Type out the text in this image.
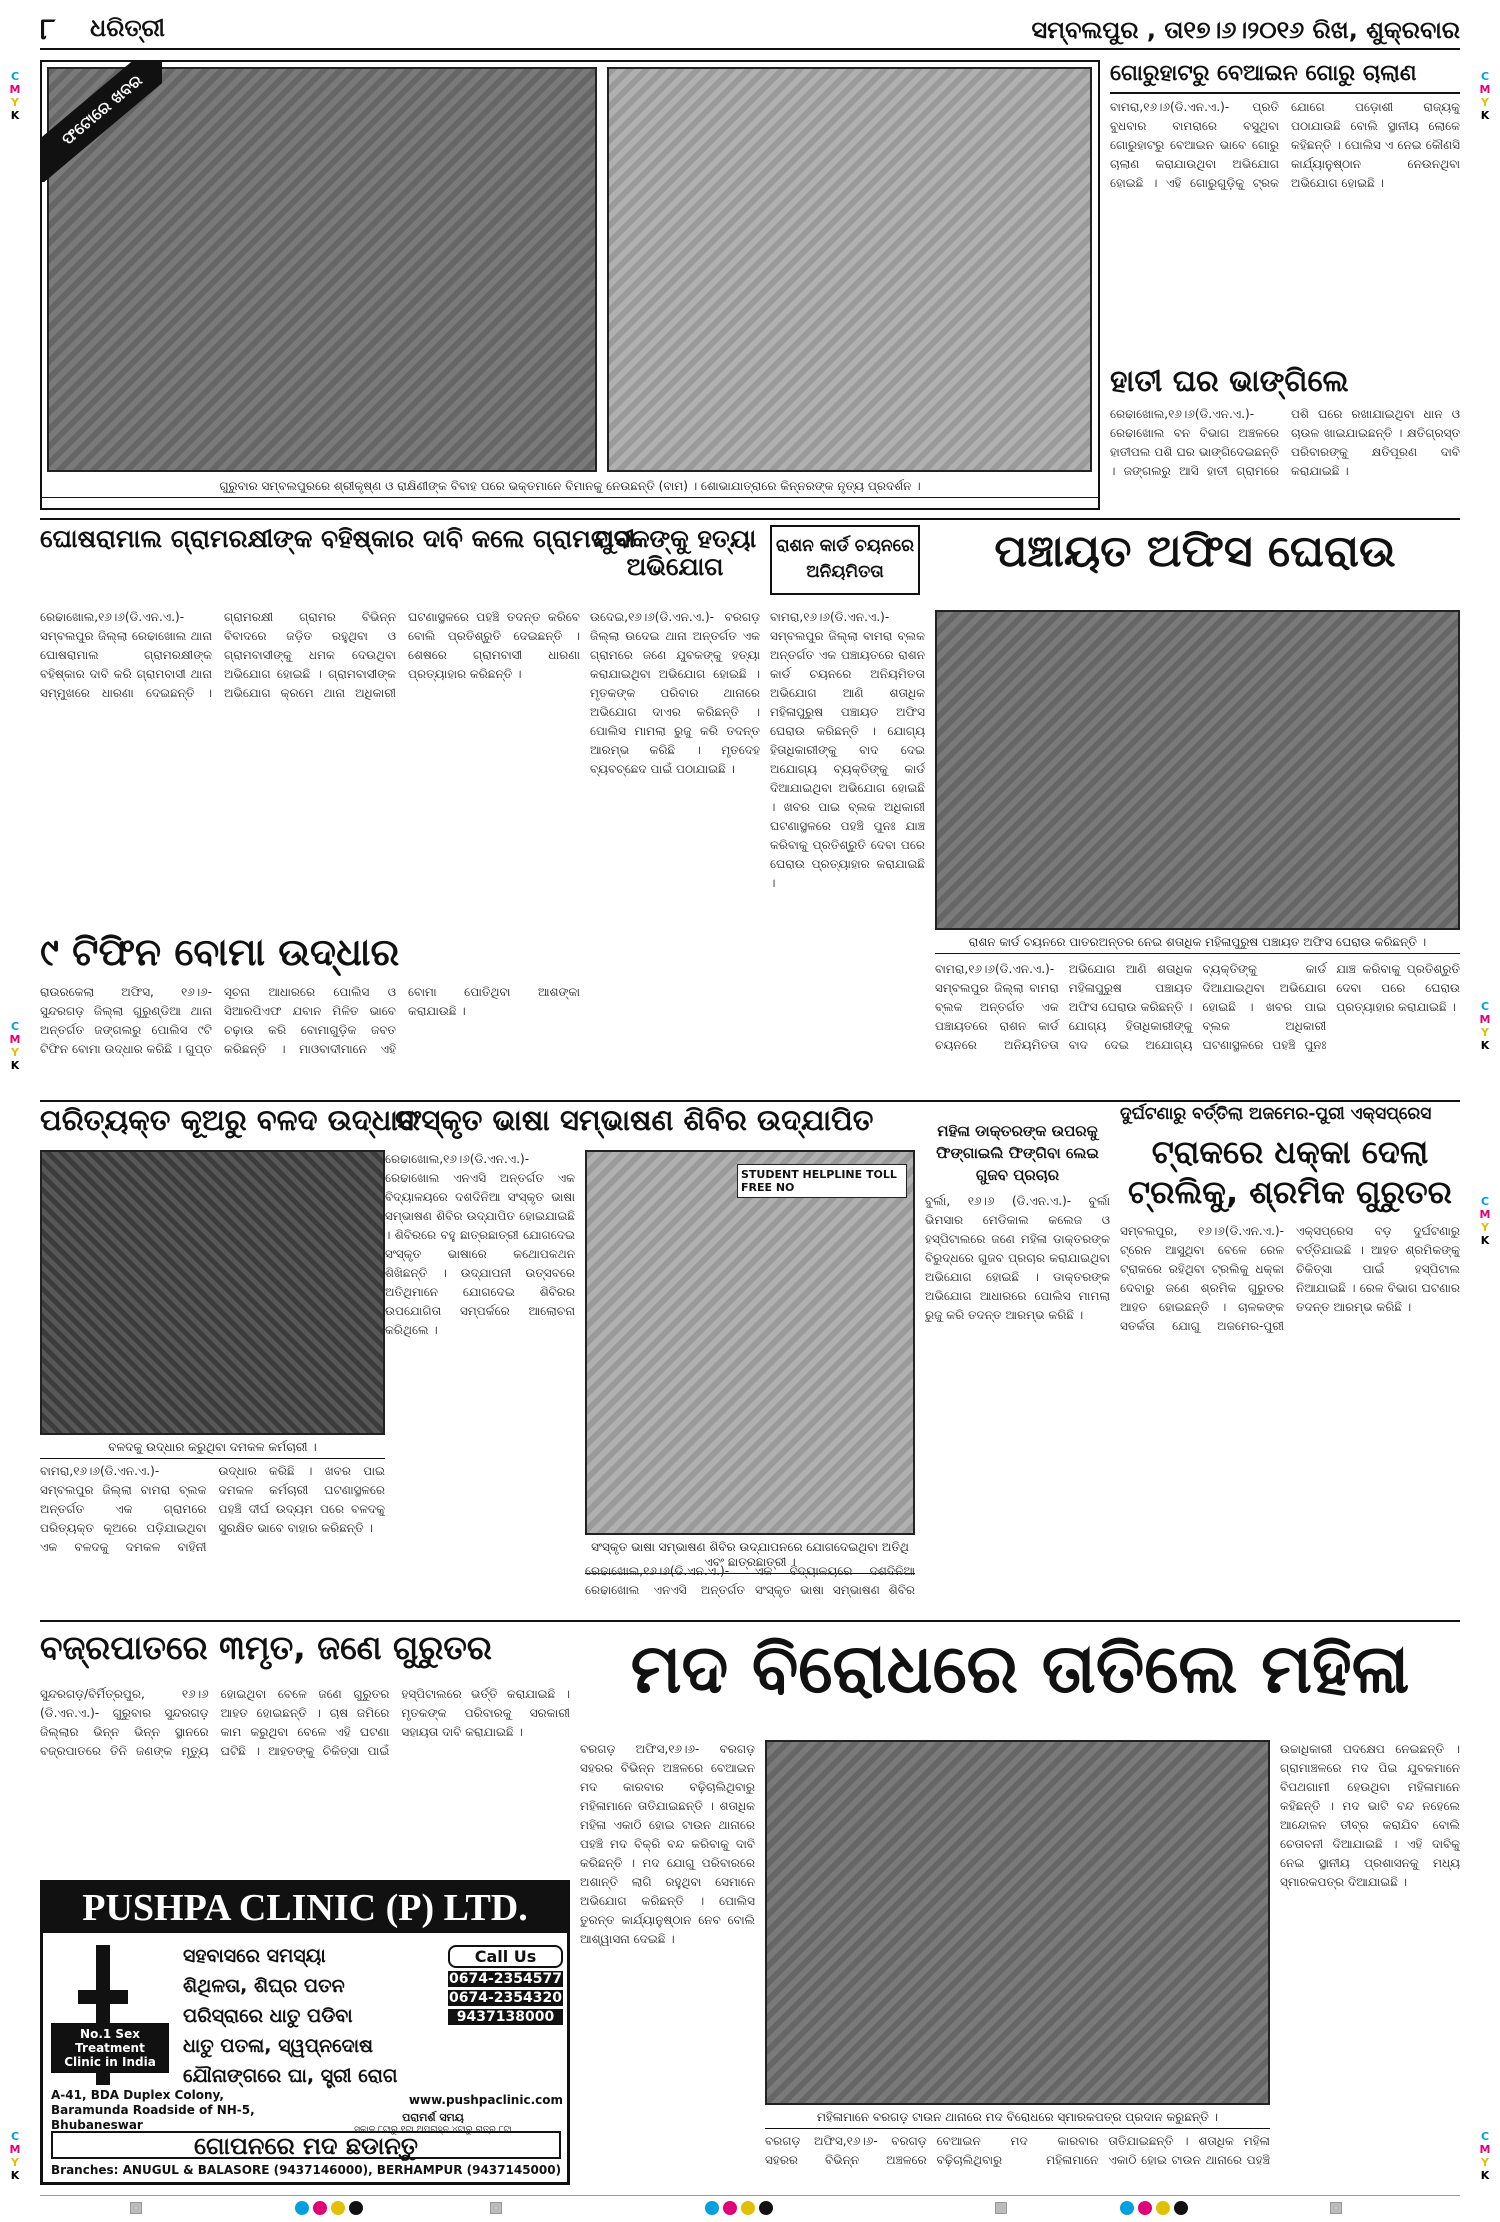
୮ ଧରିତ୍ରୀ	ସମ୍ବଲପୁର , ତା୧୭।୬।୨୦୧୬ ରିଖ, ଶୁକ୍ରବାର
C
M
Y
K
C
M
Y
K
C
M
Y
K
C
M
Y
K
C
M
Y
K
C
M
Y
K
C
M
Y
K
ଫଟୋରେ ଖବର
ଗୁରୁବାର ସମ୍ବଲପୁରରେ ଶ୍ରୀକୃଷ୍ଣ ଓ ରାକ୍ଷିଣୀଙ୍କ ବିବାହ ପରେ ଭକ୍ତମାନେ ବିମାନକୁ ନେଉଛନ୍ତି (ବାମ) । ଶୋଭାଯାତ୍ରାରେ କିନ୍ନରଙ୍କ ନୃତ୍ୟ ପ୍ରଦର୍ଶନ ।
ଗୋରୁହାଟରୁ ବେଆଇନ ଗୋରୁ ଚାଲାଣ
ବାମରା,୧୬।୬(ଡି.ଏନ.ଏ.)- ପ୍ରତି ବୁଧବାର ବାମରାରେ ବସୁଥିବା ଗୋରୁହାଟରୁ ବେଆଇନ ଭାବେ ଗୋରୁ ଚାଲାଣ କରାଯାଉଥିବା ଅଭିଯୋଗ ହୋଇଛି । ଏହି ଗୋରୁଗୁଡ଼ିକୁ ଟ୍ରକ ଯୋଗେ ପଡ଼ୋଶୀ ରାଜ୍ୟକୁ ପଠାଯାଉଛି ବୋଲି ସ୍ଥାନୀୟ ଲୋକେ କହିଛନ୍ତି । ପୋଲିସ ଏ ନେଇ କୌଣସି କାର୍ଯ୍ୟାନୁଷ୍ଠାନ ନେଉନଥିବା ଅଭିଯୋଗ ହୋଇଛି ।
ହାତୀ ଘର ଭାଙ୍ଗିଲେ
ରେଢାଖୋଲ,୧୬।୬(ଡି.ଏନ.ଏ.)- ରେଢାଖୋଲ ବନ ବିଭାଗ ଅଞ୍ଚଳରେ ହାତୀପଲ ପଶି ଘର ଭାଙ୍ଗିଦେଇଛନ୍ତି । ଜଙ୍ଗଲରୁ ଆସି ହାତୀ ଗ୍ରାମରେ ପଶି ଘରେ ରଖାଯାଇଥିବା ଧାନ ଓ ଚାଉଳ ଖାଇଯାଇଛନ୍ତି । କ୍ଷତିଗ୍ରସ୍ତ ପରିବାରଙ୍କୁ କ୍ଷତିପୂରଣ ଦାବି କରାଯାଇଛି ।
ଘୋଷରାମାଲ ଗ୍ରାମରକ୍ଷୀଙ୍କ ବହିଷ୍କାର ଦାବି କଲେ ଗ୍ରାମବାସୀ
ରେଢାଖୋଲ,୧୬।୬(ଡି.ଏନ.ଏ.)- ସମ୍ବଲପୁର ଜିଲ୍ଲା ରେଢାଖୋଲ ଥାନା ଘୋଷରାମାଲ ଗ୍ରାମରକ୍ଷୀଙ୍କ ବହିଷ୍କାର ଦାବି କରି ଗ୍ରାମବାସୀ ଥାନା ସମ୍ମୁଖରେ ଧାରଣା ଦେଇଛନ୍ତି । ଗ୍ରାମରକ୍ଷୀ ଗ୍ରାମର ବିଭିନ୍ନ ବିବାଦରେ ଜଡ଼ିତ ରହୁଥିବା ଓ ଗ୍ରାମବାସୀଙ୍କୁ ଧମକ ଦେଉଥିବା ଅଭିଯୋଗ ହୋଇଛି । ଗ୍ରାମବାସୀଙ୍କ ଅଭିଯୋଗ କ୍ରମେ ଥାନା ଅଧିକାରୀ ଘଟଣାସ୍ଥଳରେ ପହଞ୍ଚି ତଦନ୍ତ କରିବେ ବୋଲି ପ୍ରତିଶ୍ରୁତି ଦେଇଛନ୍ତି । ଶେଷରେ ଗ୍ରାମବାସୀ ଧାରଣା ପ୍ରତ୍ୟାହାର କରିଛନ୍ତି ।
ଯୁବକଙ୍କୁ ହତ୍ୟା ଅଭିଯୋଗ
ଉଦେଇ,୧୬।୬(ଡି.ଏନ.ଏ.)- ବରଗଡ଼ ଜିଲ୍ଲା ଉଦେଇ ଥାନା ଅନ୍ତର୍ଗତ ଏକ ଗ୍ରାମରେ ଜଣେ ଯୁବକଙ୍କୁ ହତ୍ୟା କରାଯାଇଥିବା ଅଭିଯୋଗ ହୋଇଛି । ମୃତକଙ୍କ ପରିବାର ଥାନାରେ ଅଭିଯୋଗ ଦାଏର କରିଛନ୍ତି । ପୋଲିସ ମାମଲା ରୁଜୁ କରି ତଦନ୍ତ ଆରମ୍ଭ କରିଛି । ମୃତଦେହ ବ୍ୟବଚ୍ଛେଦ ପାଇଁ ପଠାଯାଇଛି ।
ରାଶନ କାର୍ଡ ଚୟନରେ ଅନିୟମିତତା	ପଞ୍ଚାୟତ ଅଫିସ ଘେରାଉ
ରାଶନ କାର୍ଡ ଚୟନରେ ପାତରଅନ୍ତର ନେଇ ଶତାଧିକ ମହିଳାପୁରୁଷ ପଞ୍ଚାୟତ ଅଫିସ ଘେରାଉ କରିଛନ୍ତି ।
ବାମରା,୧୬।୬(ଡି.ଏନ.ଏ.)- ସମ୍ବଲପୁର ଜିଲ୍ଲା ବାମରା ବ୍ଲକ ଅନ୍ତର୍ଗତ ଏକ ପଞ୍ଚାୟତରେ ରାଶନ କାର୍ଡ ଚୟନରେ ଅନିୟମିତତା ଅଭିଯୋଗ ଆଣି ଶତାଧିକ ମହିଳାପୁରୁଷ ପଞ୍ଚାୟତ ଅଫିସ ଘେରାଉ କରିଛନ୍ତି । ଯୋଗ୍ୟ ହିତାଧିକାରୀଙ୍କୁ ବାଦ ଦେଇ ଅଯୋଗ୍ୟ ବ୍ୟକ୍ତିଙ୍କୁ କାର୍ଡ ଦିଆଯାଇଥିବା ଅଭିଯୋଗ ହୋଇଛି । ଖବର ପାଇ ବ୍ଲକ ଅଧିକାରୀ ଘଟଣାସ୍ଥଳରେ ପହଞ୍ଚି ପୁନଃ ଯାଞ୍ଚ କରିବାକୁ ପ୍ରତିଶ୍ରୁତି ଦେବା ପରେ ଘେରାଉ ପ୍ରତ୍ୟାହାର କରାଯାଇଛି ।
ବାମରା,୧୬।୬(ଡି.ଏନ.ଏ.)- ସମ୍ବଲପୁର ଜିଲ୍ଲା ବାମରା ବ୍ଲକ ଅନ୍ତର୍ଗତ ଏକ ପଞ୍ଚାୟତରେ ରାଶନ କାର୍ଡ ଚୟନରେ ଅନିୟମିତତା ଅଭିଯୋଗ ଆଣି ଶତାଧିକ ମହିଳାପୁରୁଷ ପଞ୍ଚାୟତ ଅଫିସ ଘେରାଉ କରିଛନ୍ତି । ଯୋଗ୍ୟ ହିତାଧିକାରୀଙ୍କୁ ବାଦ ଦେଇ ଅଯୋଗ୍ୟ ବ୍ୟକ୍ତିଙ୍କୁ କାର୍ଡ ଦିଆଯାଇଥିବା ଅଭିଯୋଗ ହୋଇଛି । ଖବର ପାଇ ବ୍ଲକ ଅଧିକାରୀ ଘଟଣାସ୍ଥଳରେ ପହଞ୍ଚି ପୁନଃ ଯାଞ୍ଚ କରିବାକୁ ପ୍ରତିଶ୍ରୁତି ଦେବା ପରେ ଘେରାଉ ପ୍ରତ୍ୟାହାର କରାଯାଇଛି ।
୯ ଟିଫିନ ବୋମା ଉଦ୍ଧାର
ରାଉରକେଲା ଅଫିସ, ୧୬।୬- ସୁନ୍ଦରଗଡ଼ ଜିଲ୍ଲା ଗୁରୁଣ୍ଡିଆ ଥାନା ଅନ୍ତର୍ଗତ ଜଙ୍ଗଲରୁ ପୋଲିସ ୯ଟି ଟିଫିନ ବୋମା ଉଦ୍ଧାର କରିଛି । ଗୁପ୍ତ ସୂଚନା ଆଧାରରେ ପୋଲିସ ଓ ସିଆରପିଏଫ ଯବାନ ମିଳିତ ଭାବେ ଚଢ଼ାଉ କରି ବୋମାଗୁଡ଼ିକ ଜବତ କରିଛନ୍ତି । ମାଓବାଦୀମାନେ ଏହି ବୋମା ପୋତିଥିବା ଆଶଙ୍କା କରାଯାଉଛି ।
ପରିତ୍ୟକ୍ତ କୂଅରୁ ବଳଦ ଉଦ୍ଧାର
ବଳଦକୁ ଉଦ୍ଧାର କରୁଥିବା ଦମକଳ କର୍ମଚାରୀ ।
ବାମରା,୧୬।୬(ଡି.ଏନ.ଏ.)- ସମ୍ବଲପୁର ଜିଲ୍ଲା ବାମରା ବ୍ଲକ ଅନ୍ତର୍ଗତ ଏକ ଗ୍ରାମରେ ପରିତ୍ୟକ୍ତ କୂଅରେ ପଡ଼ିଯାଇଥିବା ଏକ ବଳଦକୁ ଦମକଳ ବାହିନୀ ଉଦ୍ଧାର କରିଛି । ଖବର ପାଇ ଦମକଳ କର୍ମଚାରୀ ଘଟଣାସ୍ଥଳରେ ପହଞ୍ଚି ଦୀର୍ଘ ଉଦ୍ୟମ ପରେ ବଳଦକୁ ସୁରକ୍ଷିତ ଭାବେ ବାହାର କରିଛନ୍ତି ।
ସଂସ୍କୃତ ଭାଷା ସମ୍ଭାଷଣ ଶିବିର ଉଦ୍‌ଯାପିତ
ରେଢାଖୋଲ,୧୬।୬(ଡି.ଏନ.ଏ.)- ରେଢାଖୋଲ ଏନଏସି ଅନ୍ତର୍ଗତ ଏକ ବିଦ୍ୟାଳୟରେ ଦଶଦିନିଆ ସଂସ୍କୃତ ଭାଷା ସମ୍ଭାଷଣ ଶିବିର ଉଦ୍‌ଯାପିତ ହୋଇଯାଇଛି । ଶିବିରରେ ବହୁ ଛାତ୍ରଛାତ୍ରୀ ଯୋଗଦେଇ ସଂସ୍କୃତ ଭାଷାରେ କଥୋପକଥନ ଶିଖିଛନ୍ତି । ଉଦ୍‌ଯାପନୀ ଉତ୍ସବରେ ଅତିଥିମାନେ ଯୋଗଦେଇ ଶିବିରର ଉପଯୋଗିତା ସମ୍ପର୍କରେ ଆଲୋଚନା କରିଥିଲେ ।
STUDENT HELPLINE TOLL FREE NO
ସଂସ୍କୃତ ଭାଷା ସମ୍ଭାଷଣ ଶିବିର ଉଦ୍‌ଯାପନରେ ଯୋଗଦେଇଥିବା ଅତିଥି ଏବଂ ଛାତ୍ରଛାତ୍ରୀ ।
ରେଢାଖୋଲ,୧୬।୬(ଡି.ଏନ.ଏ.)- ରେଢାଖୋଲ ଏନଏସି ଅନ୍ତର୍ଗତ ଏକ ବିଦ୍ୟାଳୟରେ ଦଶଦିନିଆ ସଂସ୍କୃତ ଭାଷା ସମ୍ଭାଷଣ ଶିବିର
ମହିଳା ଡାକ୍ତରଙ୍କ ଉପରକୁ ଫିଙ୍ଗାଇଲି ଫିଙ୍ଗିବା ଲେଇ ଗୁଜବ ପ୍ରଚାର
ବୁର୍ଲା, ୧୬।୬ (ଡି.ଏନ.ଏ.)- ବୁର୍ଲା ଭିମସାର ମେଡିକାଲ କଲେଜ ଓ ହସ୍ପିଟାଲରେ ଜଣେ ମହିଳା ଡାକ୍ତରଙ୍କ ବିରୁଦ୍ଧରେ ଗୁଜବ ପ୍ରଚାର କରାଯାଇଥିବା ଅଭିଯୋଗ ହୋଇଛି । ଡାକ୍ତରଙ୍କ ଅଭିଯୋଗ ଆଧାରରେ ପୋଲିସ ମାମଲା ରୁଜୁ କରି ତଦନ୍ତ ଆରମ୍ଭ କରିଛି ।
ଦୁର୍ଘଟଣାରୁ ବର୍ତ୍ତିଲା ଅଜମେର-ପୁରୀ ଏକ୍ସପ୍ରେସ
ଟ୍ରାକରେ ଧକ୍କା ଦେଲା
ଟ୍ରଲିକୁ, ଶ୍ରମିକ ଗୁରୁତର
ସମ୍ବଲପୁର, ୧୬।୬(ଡି.ଏନ.ଏ.)- ଟ୍ରେନ ଆସୁଥିବା ବେଳେ ରେଳ ଟ୍ରାକରେ ରହିଥିବା ଟ୍ରଲିକୁ ଧକ୍କା ଦେବାରୁ ଜଣେ ଶ୍ରମିକ ଗୁରୁତର ଆହତ ହୋଇଛନ୍ତି । ଚାଳକଙ୍କ ସତର୍କତା ଯୋଗୁ ଅଜମେର-ପୁରୀ ଏକ୍ସପ୍ରେସ ବଡ଼ ଦୁର୍ଘଟଣାରୁ ବର୍ତ୍ତିଯାଇଛି । ଆହତ ଶ୍ରମିକଙ୍କୁ ଚିକିତ୍ସା ପାଇଁ ହସ୍ପିଟାଲ ନିଆଯାଇଛି । ରେଳ ବିଭାଗ ଘଟଣାର ତଦନ୍ତ ଆରମ୍ଭ କରିଛି ।
ବଜ୍ରପାତରେ ୩ମୃତ, ଜଣେ ଗୁରୁତର
ସୁନ୍ଦରଗଡ଼/ବିର୍ମିତ୍ରପୁର, ୧୬।୬ (ଡି.ଏନ.ଏ.)- ଗୁରୁବାର ସୁନ୍ଦରଗଡ଼ ଜିଲ୍ଲାର ଭିନ୍ନ ଭିନ୍ନ ସ୍ଥାନରେ ବଜ୍ରପାତରେ ତିନି ଜଣଙ୍କ ମୃତ୍ୟୁ ହୋଇଥିବା ବେଳେ ଜଣେ ଗୁରୁତର ଆହତ ହୋଇଛନ୍ତି । ଚାଷ ଜମିରେ କାମ କରୁଥିବା ବେଳେ ଏହି ଘଟଣା ଘଟିଛି । ଆହତଙ୍କୁ ଚିକିତ୍ସା ପାଇଁ ହସ୍ପିଟାଲରେ ଭର୍ତ୍ତି କରାଯାଇଛି । ମୃତକଙ୍କ ପରିବାରକୁ ସରକାରୀ ସହାୟତା ଦାବି କରାଯାଇଛି ।
ମଦ ବିରୋଧରେ ତାତିଲେ ମହିଳା
ବରଗଡ଼ ଅଫିସ,୧୬।୬- ବରଗଡ଼ ସହରର ବିଭିନ୍ନ ଅଞ୍ଚଳରେ ବେଆଇନ ମଦ କାରବାର ବଢ଼ିଚାଲିଥିବାରୁ ମହିଳାମାନେ ତାତିଯାଇଛନ୍ତି । ଶତାଧିକ ମହିଳା ଏକାଠି ହୋଇ ଟାଉନ ଥାନାରେ ପହଞ୍ଚି ମଦ ବିକ୍ରି ବନ୍ଦ କରିବାକୁ ଦାବି କରିଛନ୍ତି । ମଦ ଯୋଗୁ ପରିବାରରେ ଅଶାନ୍ତି ଲାଗି ରହୁଥିବା ସେମାନେ ଅଭିଯୋଗ କରିଛନ୍ତି । ପୋଲିସ ତୁରନ୍ତ କାର୍ଯ୍ୟାନୁଷ୍ଠାନ ନେବ ବୋଲି ଆଶ୍ୱାସନା ଦେଇଛି ।
ମହିଳାମାନେ ବରଗଡ଼ ଟାଉନ ଥାନାରେ ମଦ ବିରୋଧରେ ସ୍ମାରକପତ୍ର ପ୍ରଦାନ କରୁଛନ୍ତି ।
ବରଗଡ଼ ଅଫିସ,୧୬।୬- ବରଗଡ଼ ସହରର ବିଭିନ୍ନ ଅଞ୍ଚଳରେ ବେଆଇନ ମଦ କାରବାର ବଢ଼ିଚାଲିଥିବାରୁ ମହିଳାମାନେ ତାତିଯାଇଛନ୍ତି । ଶତାଧିକ ମହିଳା ଏକାଠି ହୋଇ ଟାଉନ ଥାନାରେ ପହଞ୍ଚି
ଉଚ୍ଚାଧିକାରୀ ପଦକ୍ଷେପ ନେଇଛନ୍ତି । ଗ୍ରାମାଞ୍ଚଳରେ ମଦ ପିଇ ଯୁବକମାନେ ବିପଥଗାମୀ ହେଉଥିବା ମହିଳାମାନେ କହିଛନ୍ତି । ମଦ ଭାଟି ବନ୍ଦ ନହେଲେ ଆନ୍ଦୋଳନ ତୀବ୍ର କରାଯିବ ବୋଲି ଚେତାବନୀ ଦିଆଯାଇଛି । ଏହି ଦାବିକୁ ନେଇ ସ୍ଥାନୀୟ ପ୍ରଶାସନକୁ ମଧ୍ୟ ସ୍ମାରକପତ୍ର ଦିଆଯାଇଛି ।
PUSHPA CLINIC (P) LTD.
No.1 Sex Treatment Clinic in India
ସହବାସରେ ସମସ୍ୟା
ଶିଥିଳତା, ଶିଘ୍ର ପତନ
ପରିସ୍ରାରେ ଧାତୁ ପଡିବା
ଧାତୁ ପତଳା, ସ୍ୱପ୍ନଦୋଷ
ଯୌନାଙ୍ଗରେ ଘା, ସ୍ତ୍ରୀ ରୋଗ
Call Us
0674-2354577
0674-2354320
9437138000
www.pushpaclinic.com
A-41, BDA Duplex Colony, Baramunda Roadside of NH-5, Bhubaneswar
ପରାମର୍ଶ ସମୟ
ସକାଳ ୮ଟାରୁ ୧ଟା ଅପରାହ୍ନ ୪ଟାରୁ ରାତ୍ର ୮ଟା
ଗୋପନରେ ମଦ ଛଡାନ୍ତୁ
Branches: ANUGUL & BALASORE (9437146000), BERHAMPUR (9437145000)
